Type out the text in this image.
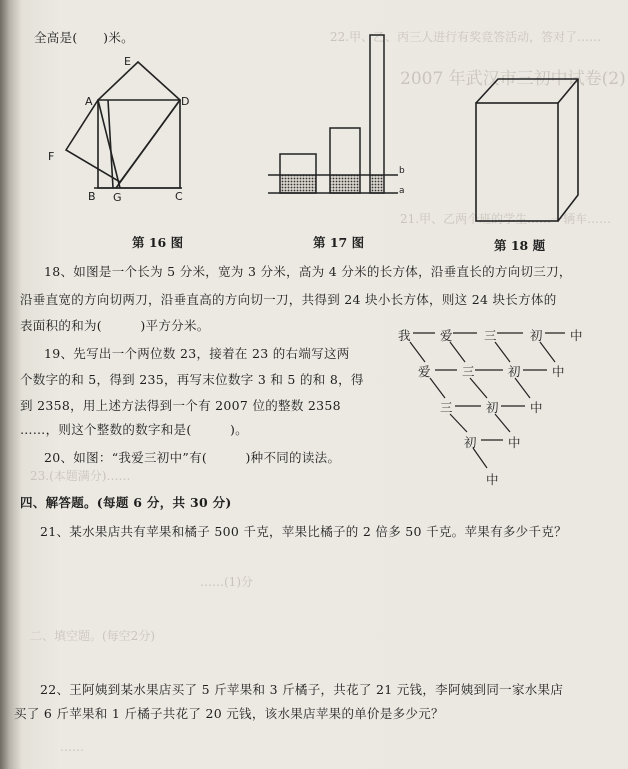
22.甲、乙、丙三人进行有奖竞答活动，答对了……
2007 年武汉市三初中试卷(2)
21.甲、乙两个班的学生……一辆车……
……(1)分
二、填空题。(每空2分)
23.(本题满分)……
……
全高是(　　)米。
E
A	D
F
B G	C
第 16 图
b
a
第 17 图	第 18 题
18、如图是一个长为 5 分米，宽为 3 分米，高为 4 分米的长方体，沿垂直长的方向切三刀，
沿垂直宽的方向切两刀，沿垂直高的方向切一刀，共得到 24 块小长方体，则这 24 块长方体的
表面积的和为(　　　)平方分米。
19、先写出一个两位数 23，接着在 23 的右端写这两
个数字的和 5，得到 235，再写末位数字 3 和 5 的和 8，得
到 2358，用上述方法得到一个有 2007 位的整数 2358
……，则这个整数的数字和是(　　　)。
20、如图：“我爱三初中”有(　　　)种不同的读法。
我 爱 三	初 中
爱 三	初 中
三	初 中
初 中
中
四、解答题。(每题 6 分，共 30 分)
21、某水果店共有苹果和橘子 500 千克，苹果比橘子的 2 倍多 50 千克。苹果有多少千克？
22、王阿姨到某水果店买了 5 斤苹果和 3 斤橘子，共花了 21 元钱，李阿姨到同一家水果店
买了 6 斤苹果和 1 斤橘子共花了 20 元钱，该水果店苹果的单价是多少元？
